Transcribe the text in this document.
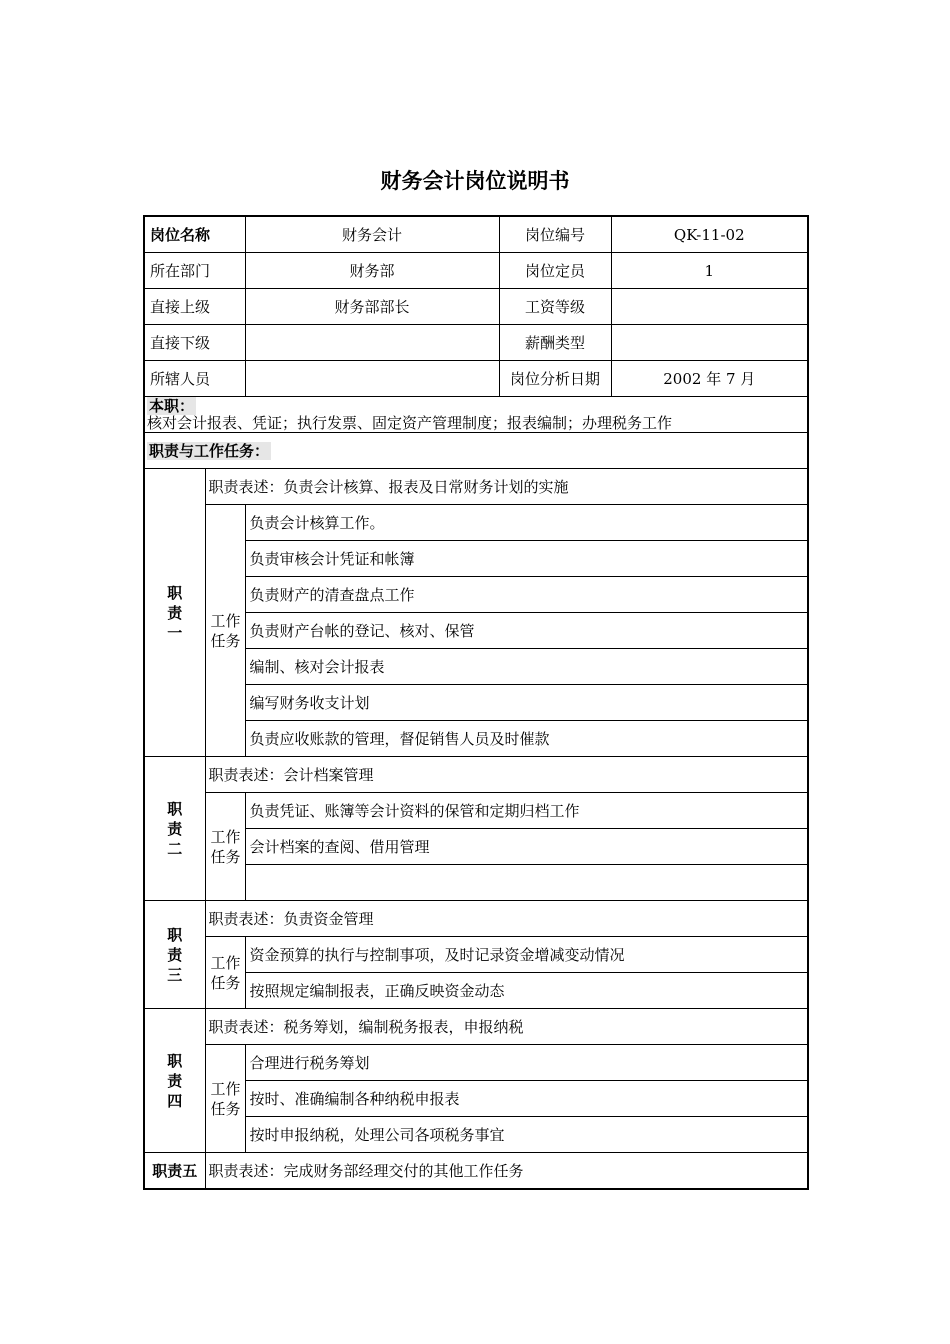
财务会计岗位说明书
岗位名称		财务会计	岗位编号	QK-11-02
所在部门		财务部	岗位定员	1
直接上级		财务部部长	工资等级	
直接下级			薪酬类型	
所辖人员			岗位分析日期	2002 年 7 月
本职：
核对会计报表、凭证；执行发票、固定资产管理制度；报表编制；办理税务工作				
职责与工作任务：				
职责一	职责表述：负责会计核算、报表及日常财务计划的实施			
	工作任务	负责会计核算工作。		
		负责审核会计凭证和帐簿		
		负责财产的清查盘点工作		
		负责财产台帐的登记、核对、保管		
		编制、核对会计报表		
		编写财务收支计划		
		负责应收账款的管理，督促销售人员及时催款		
职责二	职责表述：会计档案管理			
	工作任务	负责凭证、账簿等会计资料的保管和定期归档工作		
		会计档案的查阅、借用管理		

职责三	职责表述：负责资金管理			
	工作任务	资金预算的执行与控制事项，及时记录资金增减变动情况		
		按照规定编制报表，正确反映资金动态		
职责四	职责表述：税务筹划，编制税务报表，申报纳税			
	工作任务	合理进行税务筹划		
		按时、准确编制各种纳税申报表		
		按时申报纳税，处理公司各项税务事宜		
职责五	职责表述：完成财务部经理交付的其他工作任务			
